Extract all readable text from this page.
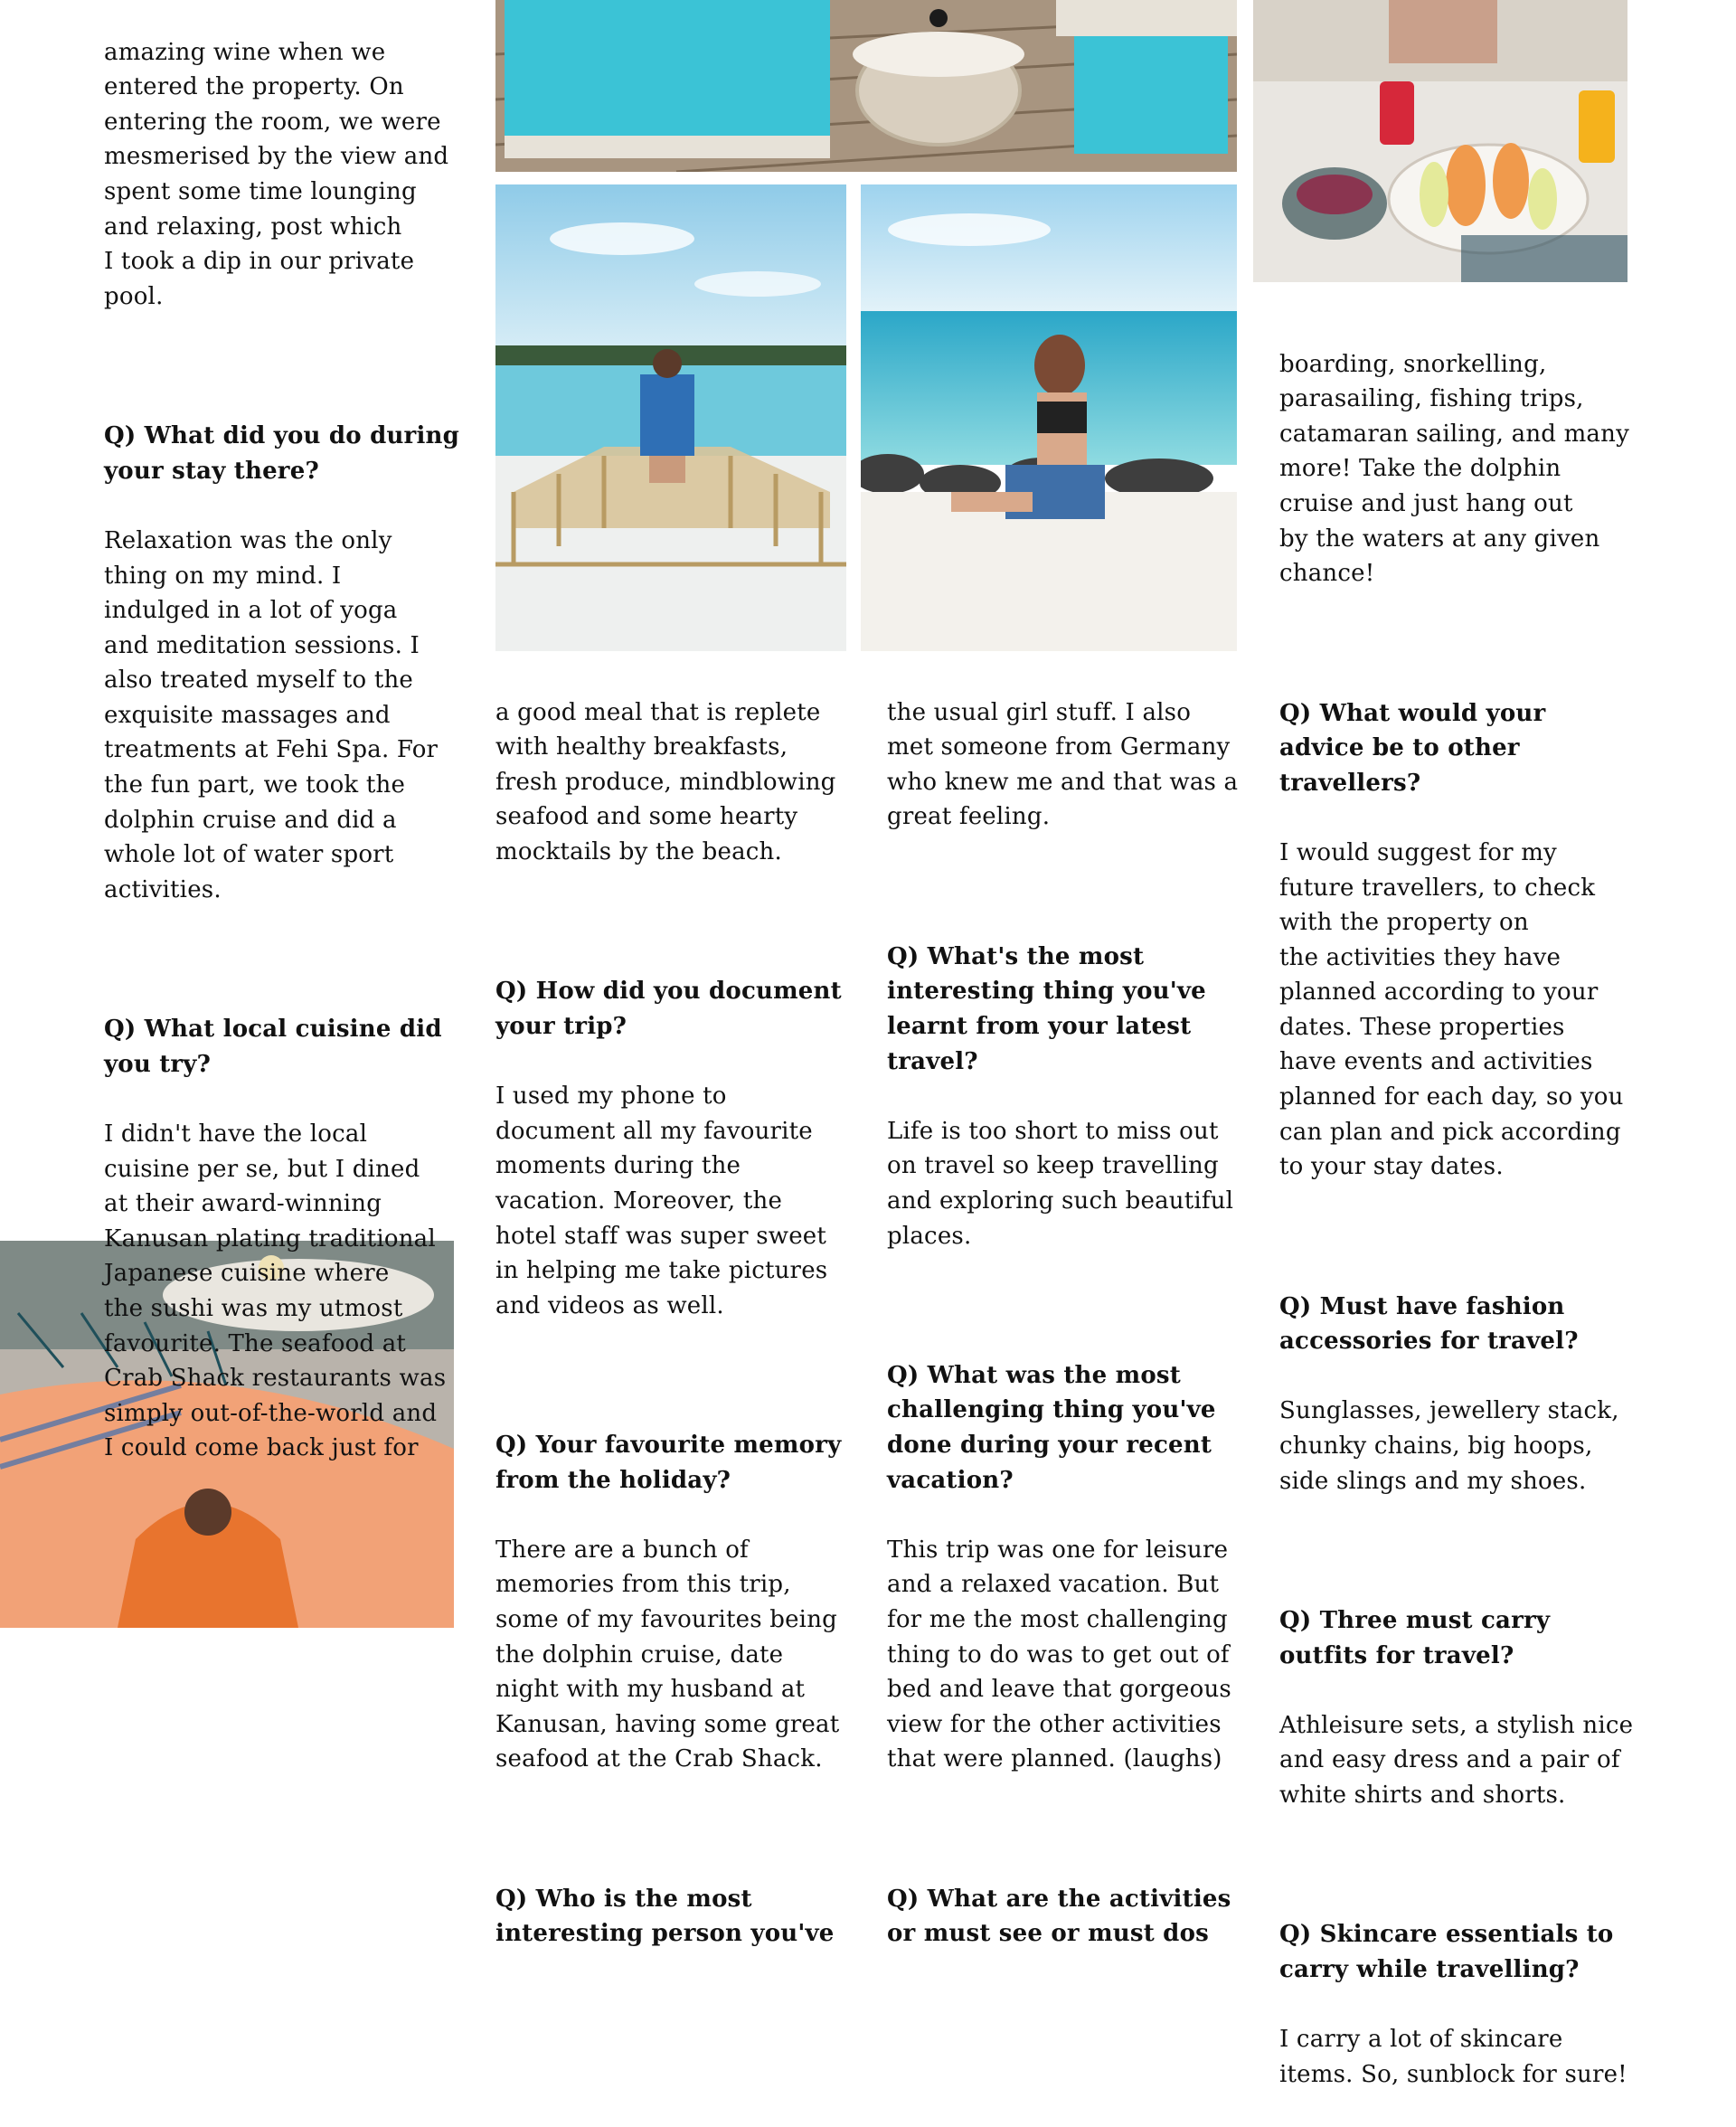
amazing wine when we
entered the property. On
entering the room, we were
mesmerised by the view and
spent some time lounging
and relaxing, post which
I took a dip in our private
pool.

Q) What did you do during
your stay there?

Relaxation was the only
thing on my mind. I
indulged in a lot of yoga
and meditation sessions. I
also treated myself to the
exquisite massages and
treatments at Fehi Spa. For
the fun part, we took the
dolphin cruise and did a
whole lot of water sport
activities.

Q) What local cuisine did
you try?

I didn't have the local
cuisine per se, but I dined
at their award-winning
Kanusan plating traditional
Japanese cuisine where
the sushi was my utmost
favourite. The seafood at
Crab Shack restaurants was
simply out-of-the-world and
I could come back just for

a good meal that is replete
with healthy breakfasts,
fresh produce, mindblowing
seafood and some hearty
mocktails by the beach.

Q) How did you document
your trip?

I used my phone to
document all my favourite
moments during the
vacation. Moreover, the
hotel staff was super sweet
in helping me take pictures
and videos as well.

Q) Your favourite memory
from the holiday?

There are a bunch of
memories from this trip,
some of my favourites being
the dolphin cruise, date
night with my husband at
Kanusan, having some great
seafood at the Crab Shack.

Q) Who is the most
interesting person you've

the usual girl stuff. I also
met someone from Germany
who knew me and that was a
great feeling.

Q) What's the most
interesting thing you've
learnt from your latest
travel?

Life is too short to miss out
on travel so keep travelling
and exploring such beautiful
places.

Q) What was the most
challenging thing you've
done during your recent
vacation?

This trip was one for leisure
and a relaxed vacation. But
for me the most challenging
thing to do was to get out of
bed and leave that gorgeous
view for the other activities
that were planned. (laughs)

Q) What are the activities
or must see or must dos

boarding, snorkelling,
parasailing, fishing trips,
catamaran sailing, and many
more! Take the dolphin
cruise and just hang out
by the waters at any given
chance!

Q) What would your
advice be to other
travellers?

I would suggest for my
future travellers, to check
with the property on
the activities they have
planned according to your
dates. These properties
have events and activities
planned for each day, so you
can plan and pick according
to your stay dates.

Q) Must have fashion
accessories for travel?

Sunglasses, jewellery stack,
chunky chains, big hoops,
side slings and my shoes.

Q) Three must carry
outfits for travel?

Athleisure sets, a stylish nice
and easy dress and a pair of
white shirts and shorts.

Q) Skincare essentials to
carry while travelling?

I carry a lot of skincare
items. So, sunblock for sure!
